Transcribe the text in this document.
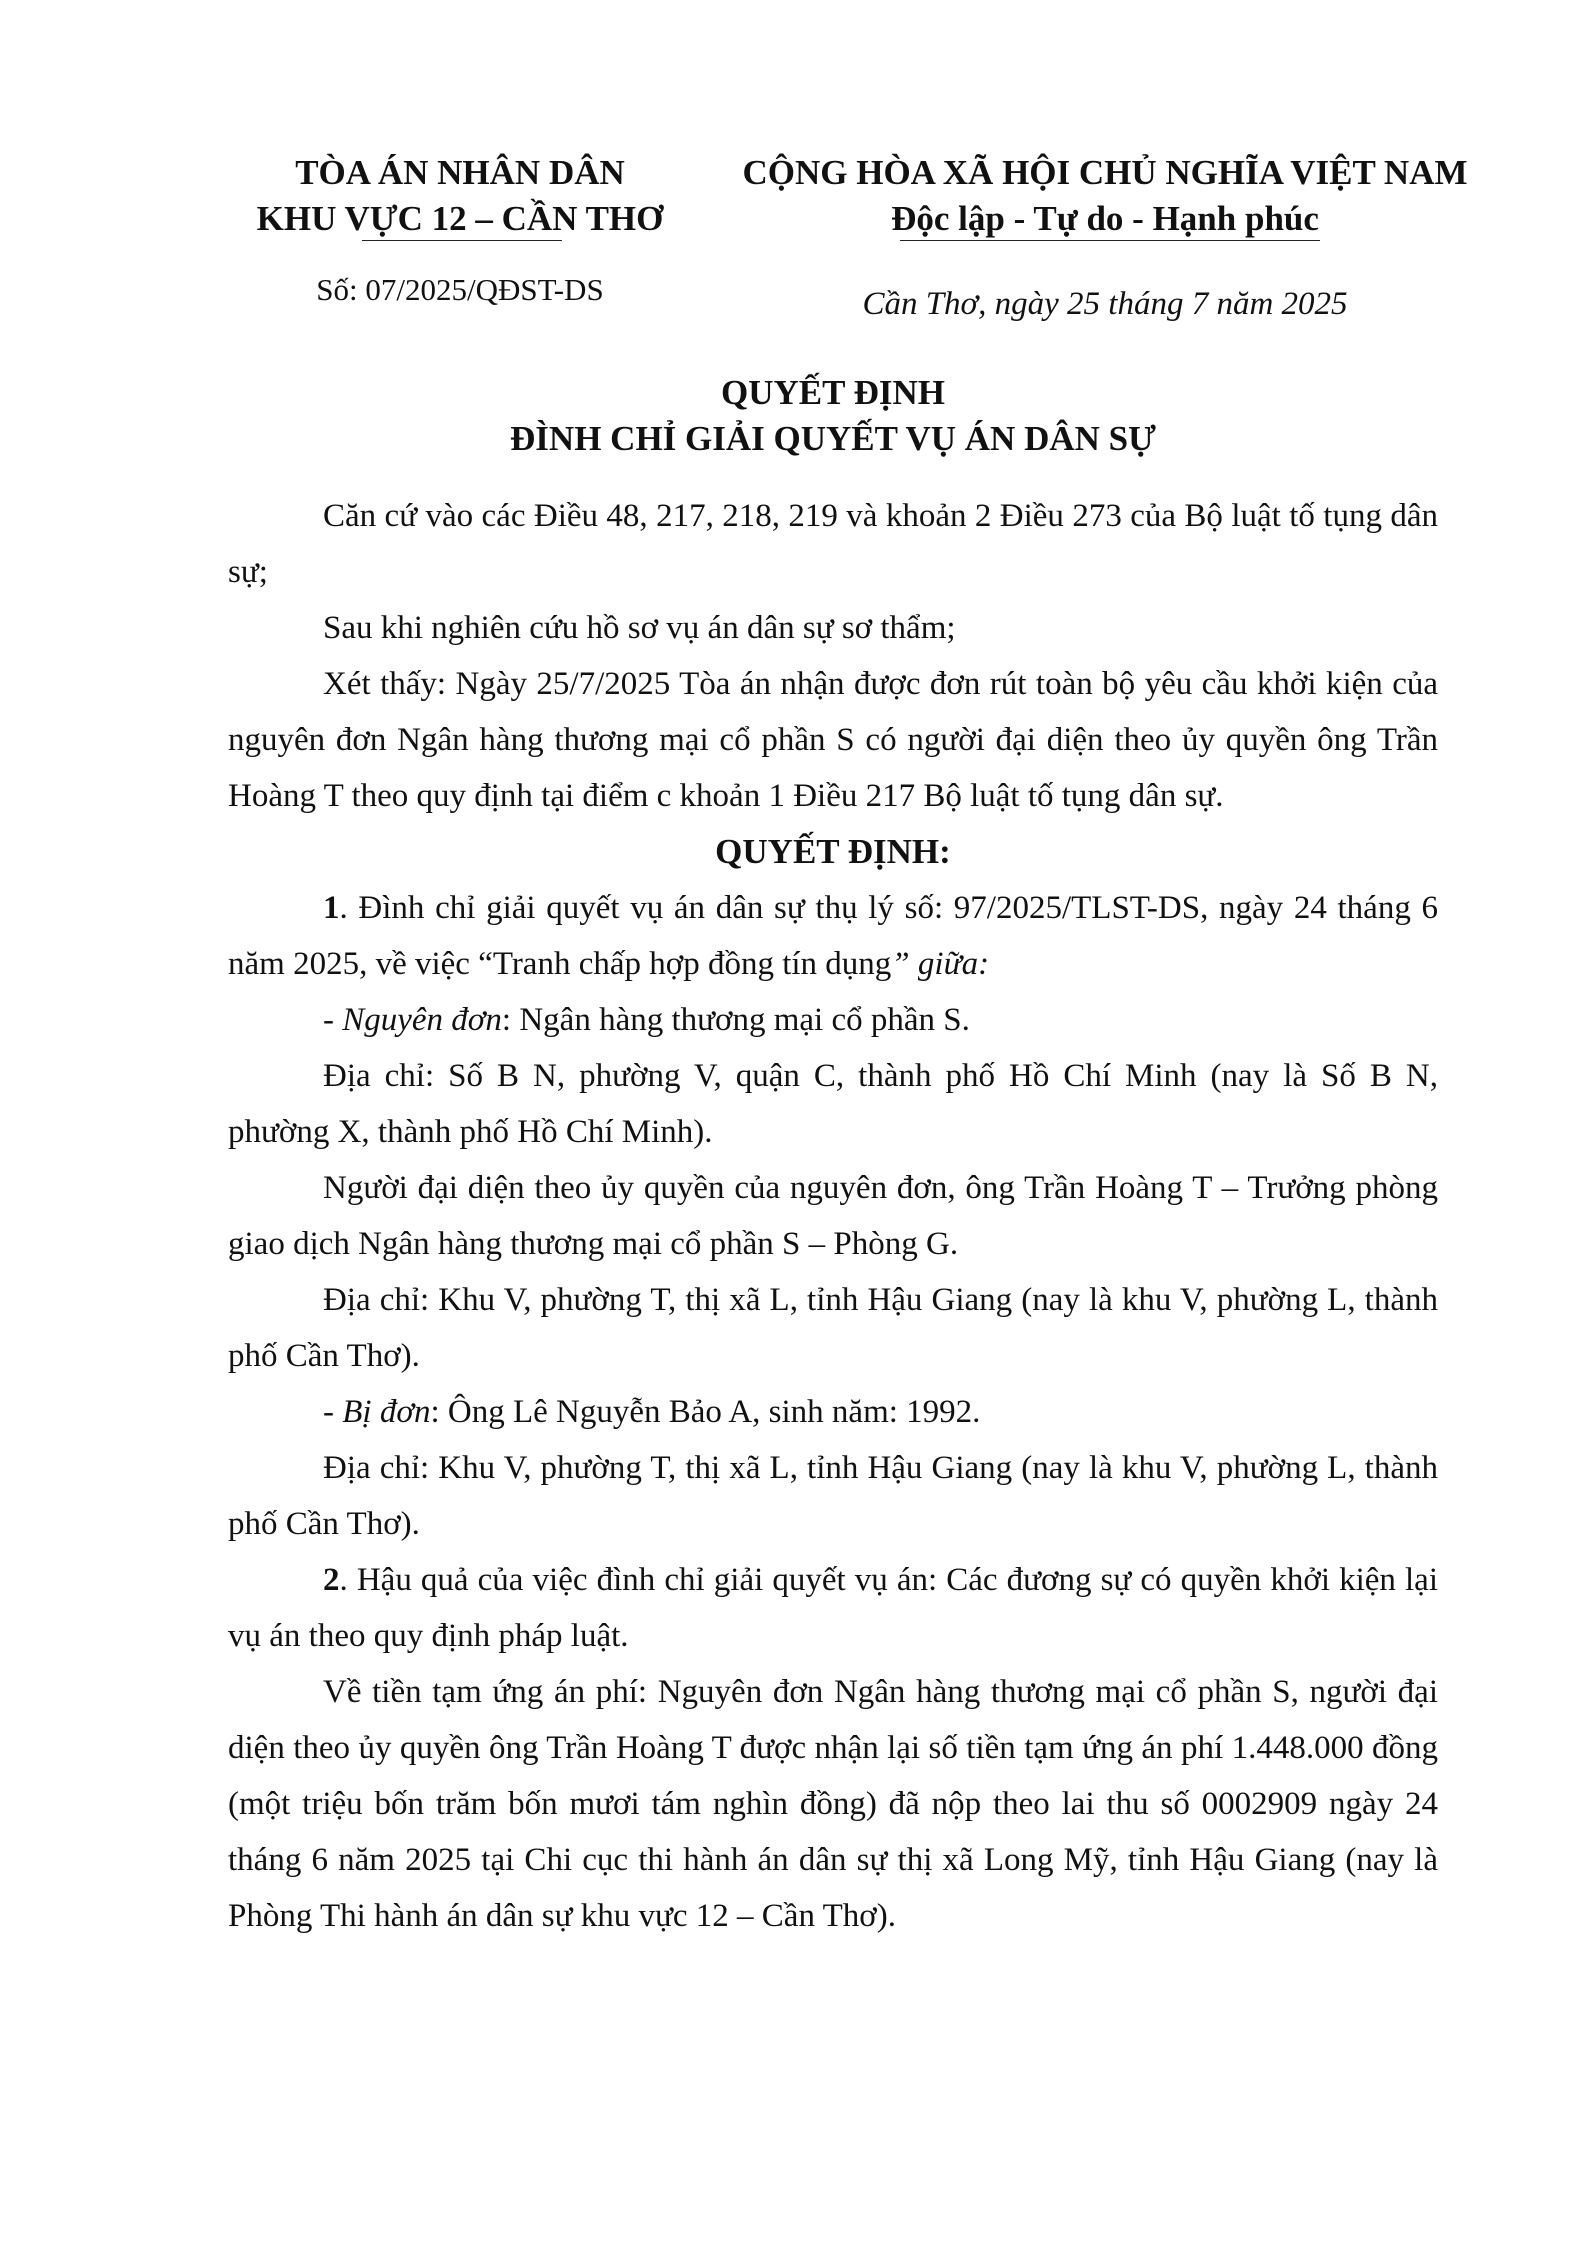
TÒA ÁN NHÂN DÂN
KHU VỰC 12 – CẦN THƠ
CỘNG HÒA XÃ HỘI CHỦ NGHĨA VIỆT NAM
Độc lập - Tự do - Hạnh phúc
Số: 07/2025/QĐST-DS	Cần Thơ, ngày 25 tháng 7 năm 2025
QUYẾT ĐỊNH
ĐÌNH CHỈ GIẢI QUYẾT VỤ ÁN DÂN SỰ

Căn cứ vào các Điều 48, 217, 218, 219 và khoản 2 Điều 273 của Bộ luật tố tụng dân sự;

Sau khi nghiên cứu hồ sơ vụ án dân sự sơ thẩm;

Xét thấy: Ngày 25/7/2025 Tòa án nhận được đơn rút toàn bộ yêu cầu khởi kiện của nguyên đơn Ngân hàng thương mại cổ phần S có người đại diện theo ủy quyền ông Trần Hoàng T theo quy định tại điểm c khoản 1 Điều 217 Bộ luật tố tụng dân sự.

QUYẾT ĐỊNH:

1. Đình chỉ giải quyết vụ án dân sự thụ lý số: 97/2025/TLST-DS, ngày 24 tháng 6 năm 2025, về việc “Tranh chấp hợp đồng tín dụng” giữa:

- Nguyên đơn: Ngân hàng thương mại cổ phần S.

Địa chỉ: Số B N, phường V, quận C, thành phố Hồ Chí Minh (nay là Số B N, phường X, thành phố Hồ Chí Minh).

Người đại diện theo ủy quyền của nguyên đơn, ông Trần Hoàng T – Trưởng phòng giao dịch Ngân hàng thương mại cổ phần S – Phòng G.

Địa chỉ: Khu V, phường T, thị xã L, tỉnh Hậu Giang (nay là khu V, phường L, thành phố Cần Thơ).

- Bị đơn: Ông Lê Nguyễn Bảo A, sinh năm: 1992.

Địa chỉ: Khu V, phường T, thị xã L, tỉnh Hậu Giang (nay là khu V, phường L, thành phố Cần Thơ).

2. Hậu quả của việc đình chỉ giải quyết vụ án: Các đương sự có quyền khởi kiện lại vụ án theo quy định pháp luật.

Về tiền tạm ứng án phí: Nguyên đơn Ngân hàng thương mại cổ phần S, người đại diện theo ủy quyền ông Trần Hoàng T được nhận lại số tiền tạm ứng án phí 1.448.000 đồng (một triệu bốn trăm bốn mươi tám nghìn đồng) đã nộp theo lai thu số 0002909 ngày 24 tháng 6 năm 2025 tại Chi cục thi hành án dân sự thị xã Long Mỹ, tỉnh Hậu Giang (nay là Phòng Thi hành án dân sự khu vực 12 – Cần Thơ).
